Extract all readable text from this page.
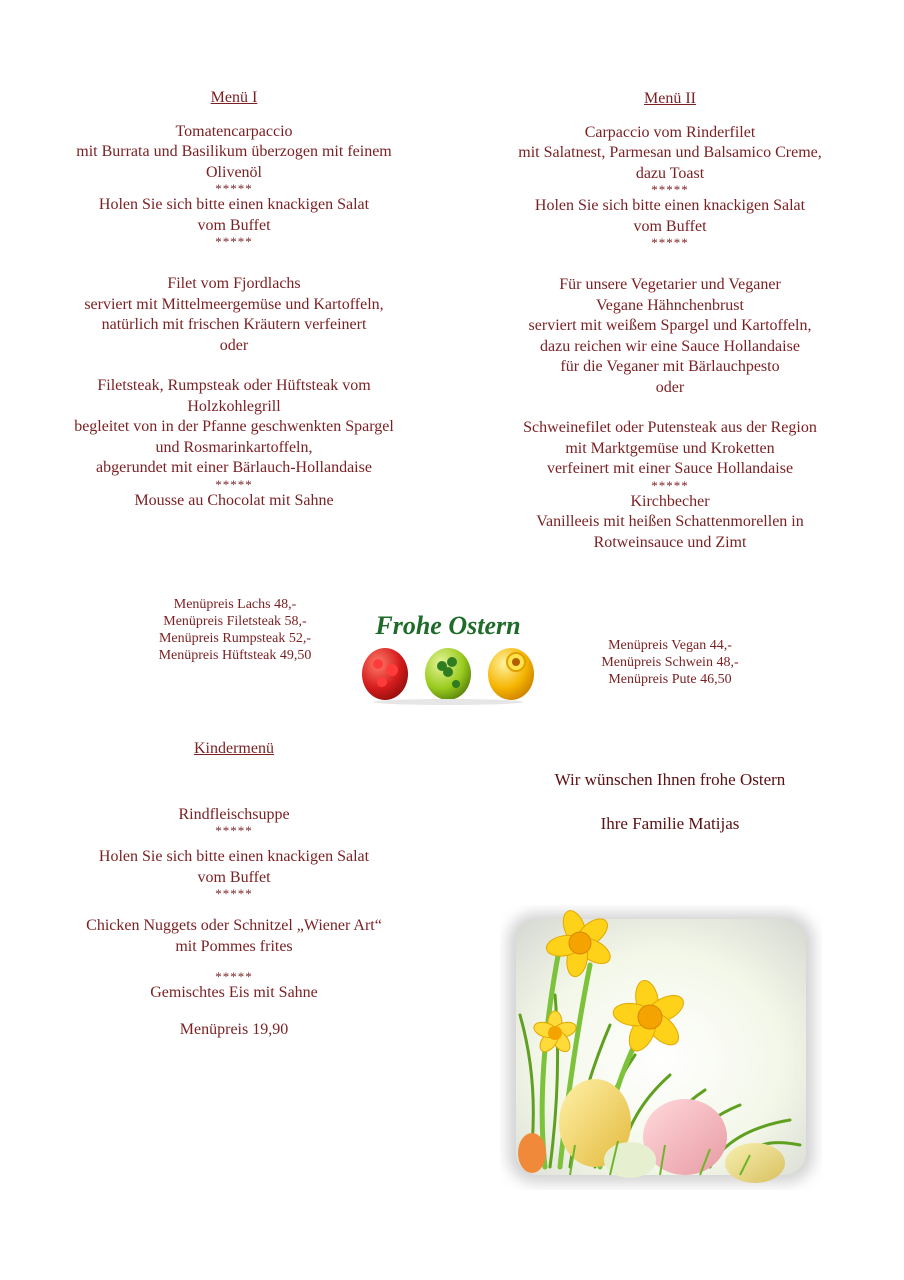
Menü I
Tomatencarpaccio
mit Burrata und Basilikum überzogen mit feinem
Olivenöl
*****
Holen Sie sich bitte einen knackigen Salat
vom Buffet
*****
Filet vom Fjordlachs
serviert mit Mittelmeergemüse und Kartoffeln,
natürlich mit frischen Kräutern verfeinert
oder
Filetsteak, Rumpsteak oder Hüftsteak vom
Holzkohlegrill
begleitet von in der Pfanne geschwenkten Spargel
und Rosmarinkartoffeln,
abgerundet mit einer Bärlauch-Hollandaise
*****
Mousse au Chocolat mit Sahne
Menü II
Carpaccio vom Rinderfilet
mit Salatnest, Parmesan und Balsamico Creme,
dazu Toast
*****
Holen Sie sich bitte einen knackigen Salat
vom Buffet
*****
Für unsere Vegetarier und Veganer
Vegane Hähnchenbrust
serviert mit weißem Spargel und Kartoffeln,
dazu reichen wir eine Sauce Hollandaise
für die Veganer mit Bärlauchpesto
oder
Schweinefilet oder Putensteak aus der Region
mit Marktgemüse und Kroketten
verfeinert mit einer Sauce Hollandaise
*****
Kirchbecher
Vanilleeis mit heißen Schattenmorellen in
Rotweinsauce und Zimt
Menüpreis Lachs 48,-
Menüpreis Filetsteak 58,-
Menüpreis Rumpsteak 52,-
Menüpreis Hüftsteak 49,50
Frohe Ostern
Menüpreis Vegan 44,-
Menüpreis Schwein 48,-
Menüpreis Pute 46,50
Kindermenü
Rindfleischsuppe
*****
Holen Sie sich bitte einen knackigen Salat
vom Buffet
*****
Chicken Nuggets oder Schnitzel „Wiener Art“
mit Pommes frites
*****
Gemischtes Eis mit Sahne
Menüpreis 19,90
Wir wünschen Ihnen frohe Ostern
Ihre Familie Matijas
